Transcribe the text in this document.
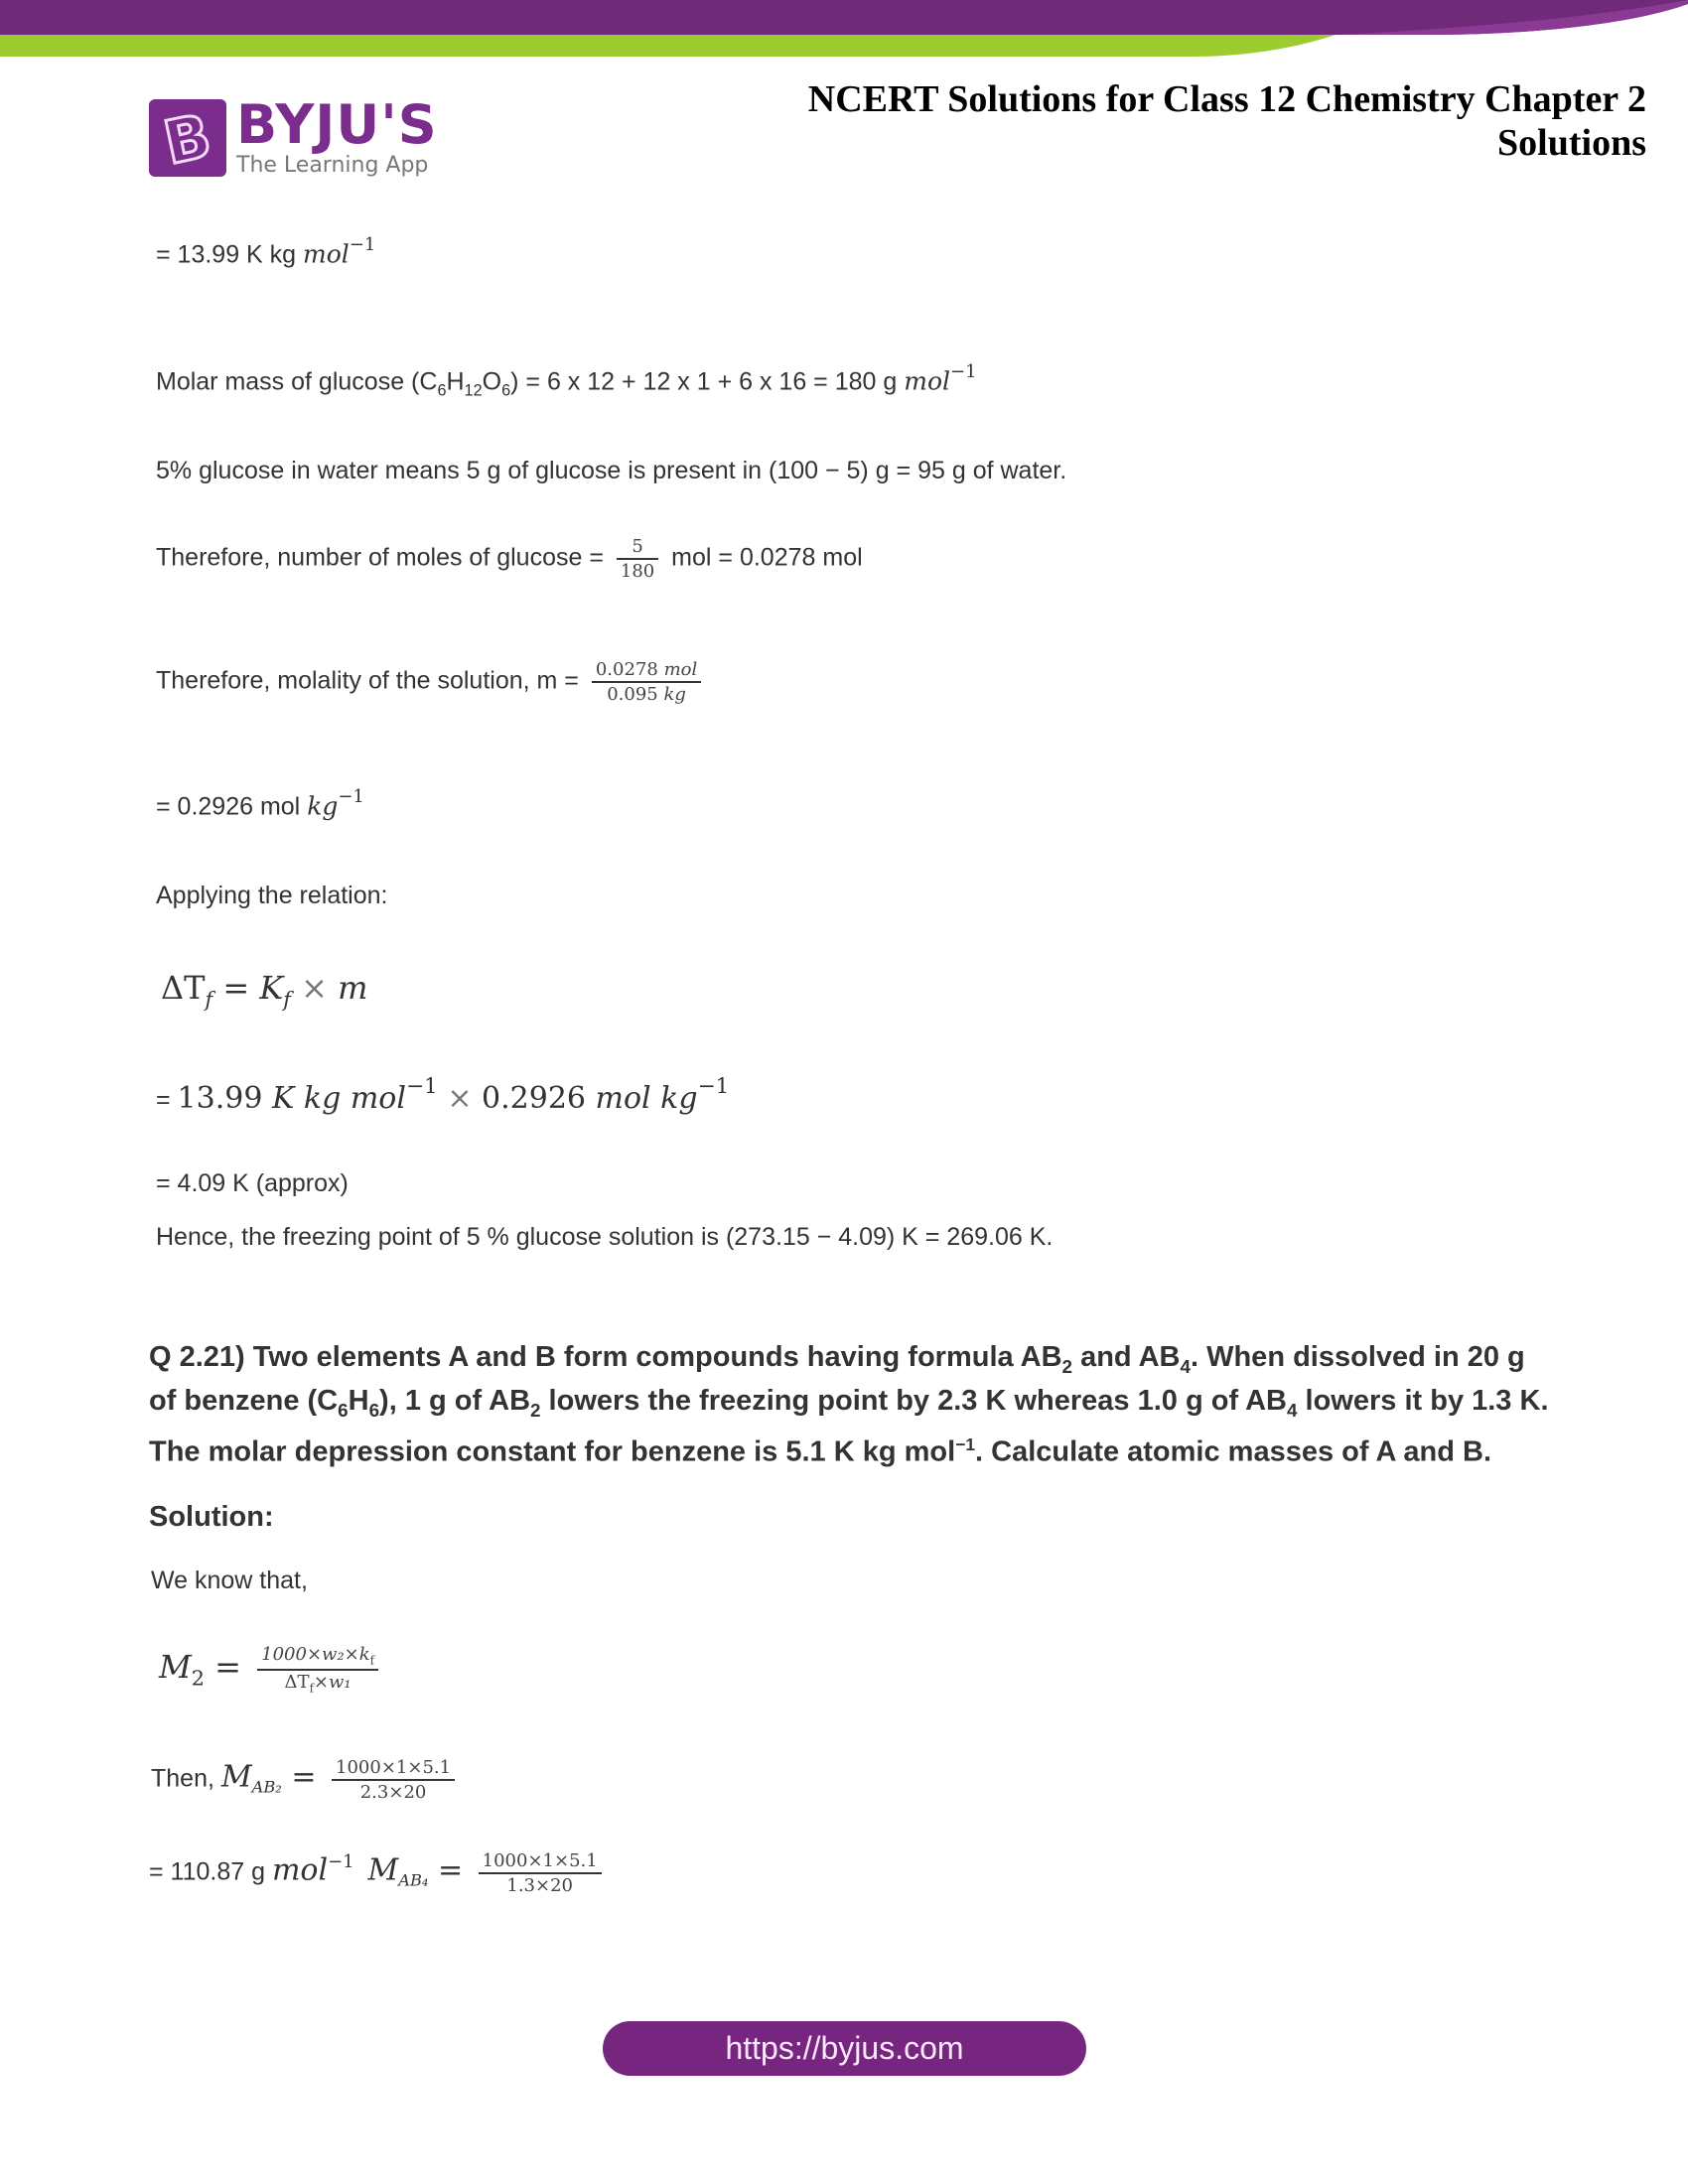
B BYJU'S
The Learning App
NCERT Solutions for Class 12 Chemistry Chapter 2
Solutions
= 13.99 K kg mol$^{-1}$
Molar mass of glucose $(C_6H_{12}O_6) = 6$ x 12 + 12 x 1 + 6 x 16 = 180 g mol$^{-1}$
5% glucose in water means 5 g of glucose is present in (100 − 5) g = 95 g of water.
Therefore, number of moles of $glucose = \frac{5}{180}$ mol = 0.0278 mol
Therefore, molality of the solution, $m = \frac{\text{0.0278 mol}}{0.095 kg}$
= 0.2926 mol $kg^{-1}$
Applying the relation:
$\Delta T_f = K_f \times m$
= 13.99 K kg mol$^{-1}$ × 0.2926 mol $kg^{-1}$
= 4.09 K (approx)
Hence, the freezing point of 5 % glucose solution is (273.15 − 4.09) K = 269.06 K.
Q 2.21) Two elements A and B form compounds having formula $AB_2$ and $AB_4$. When dissolved in 20 g of benzene $(C_6H_6)$, 1 g of $AB_2$ lowers the freezing point by 2.3 K whereas 1.0 g of $AB_4$ lowers it by 1.3 K. The molar depression constant for benzene is 5.1 K kg mol$^{-1}$. Calculate atomic masses of A and B.
Solution:
We know that,
$M_2 = \frac{1000\times w_2\times k_f}{\Delta T_f\times w_1}$
Then, $M_{AB_2} = \frac{1000\times 1\times 5.1}{2.3\times 20}$
= 110.87 g mol$^{-1}$ $M_{AB_4} = \frac{1000\times 1\times 5.1}{1.3\times 20}$
https://byjus.com
